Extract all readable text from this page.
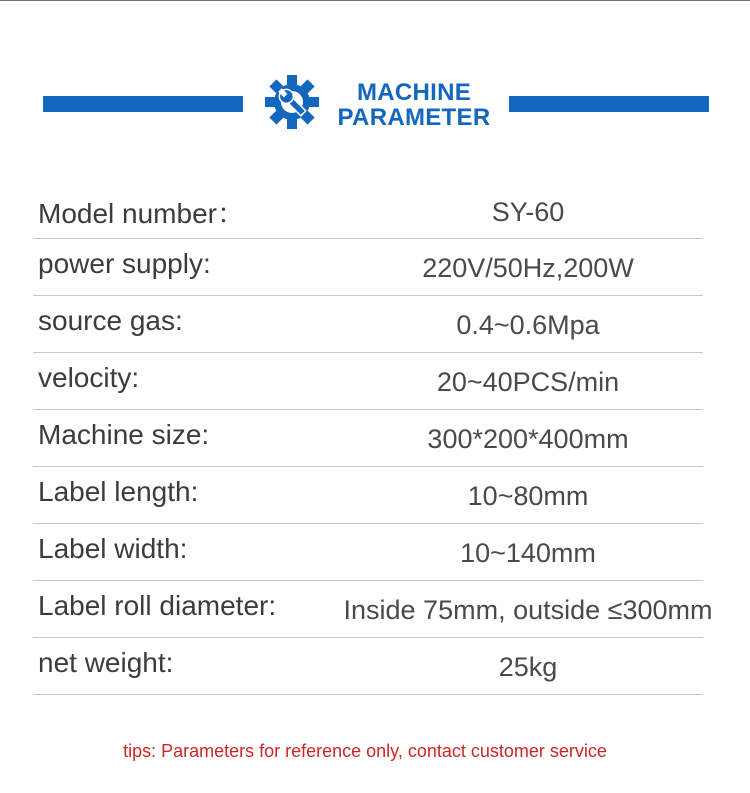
MACHINE
PARAMETER
Model number：	SY-60
power supply:	220V/50Hz,200W
source gas:	0.4~0.6Mpa
velocity:	20~40PCS/min
Machine size:	300*200*400mm
Label length:	10~80mm
Label width:	10~140mm
Label roll diameter:	Inside 75mm, outside ≤300mm
net weight:	25kg
tips: Parameters for reference only, contact customer service
